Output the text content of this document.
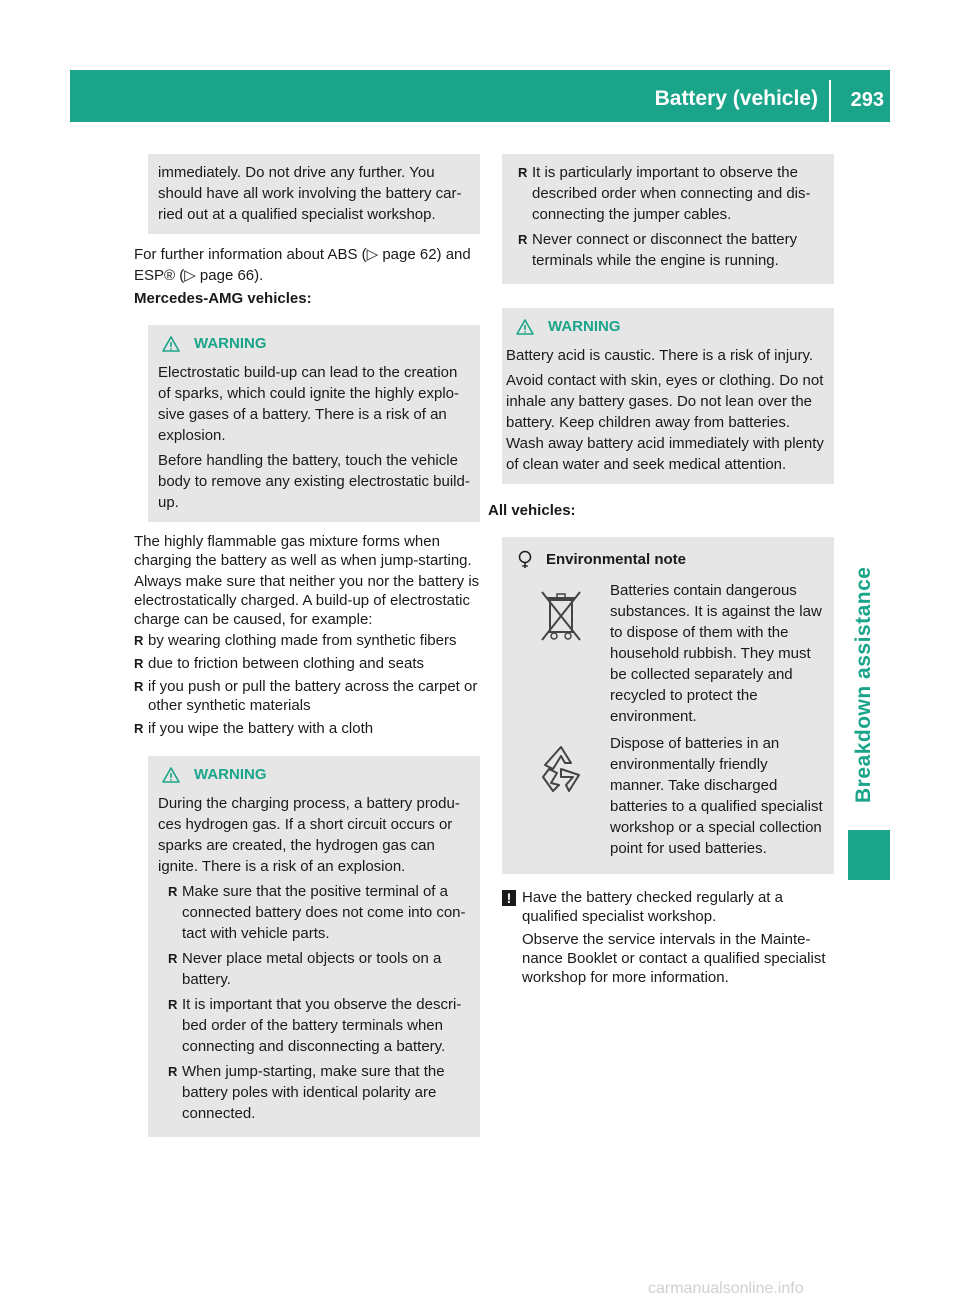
Battery (vehicle) 293
Breakdown assistance

immediately. Do not drive any further. You should have all work involving the battery carried out at a qualified specialist workshop.

For further information about ABS (▷ page 62) and ESP® (▷ page 66).

Mercedes-AMG vehicles:

WARNING

Electrostatic build-up can lead to the creation of sparks, which could ignite the highly explosive gases of a battery. There is a risk of an explosion.

Before handling the battery, touch the vehicle body to remove any existing electrostatic build-up.

The highly flammable gas mixture forms when charging the battery as well as when jump-starting.

Always make sure that neither you nor the battery is electrostatically charged. A build-up of electrostatic charge can be caused, for example:

R by wearing clothing made from synthetic fibers
R due to friction between clothing and seats
R if you push or pull the battery across the carpet or other synthetic materials
R if you wipe the battery with a cloth
WARNING

During the charging process, a battery produces hydrogen gas. If a short circuit occurs or sparks are created, the hydrogen gas can ignite. There is a risk of an explosion.

R Make sure that the positive terminal of a connected battery does not come into contact with vehicle parts.
R Never place metal objects or tools on a battery.
R It is important that you observe the described order of the battery terminals when connecting and disconnecting a battery.
R When jump-starting, make sure that the battery poles with identical polarity are connected.
R It is particularly important to observe the described order when connecting and disconnecting the jumper cables.
R Never connect or disconnect the battery terminals while the engine is running.
WARNING

Battery acid is caustic. There is a risk of injury.

Avoid contact with skin, eyes or clothing. Do not inhale any battery gases. Do not lean over the battery. Keep children away from batteries. Wash away battery acid immediately with plenty of clean water and seek medical attention.

All vehicles:

Environmental note
Batteries contain dangerous substances. It is against the law to dispose of them with the household rubbish. They must be collected separately and recycled to protect the environment.
Dispose of batteries in an environmentally friendly manner. Take discharged batteries to a qualified specialist workshop or a special collection point for used batteries.
! Have the battery checked regularly at a qualified specialist workshop.

Observe the service intervals in the Maintenance Booklet or contact a qualified specialist workshop for more information.

carmanualsonline.info
